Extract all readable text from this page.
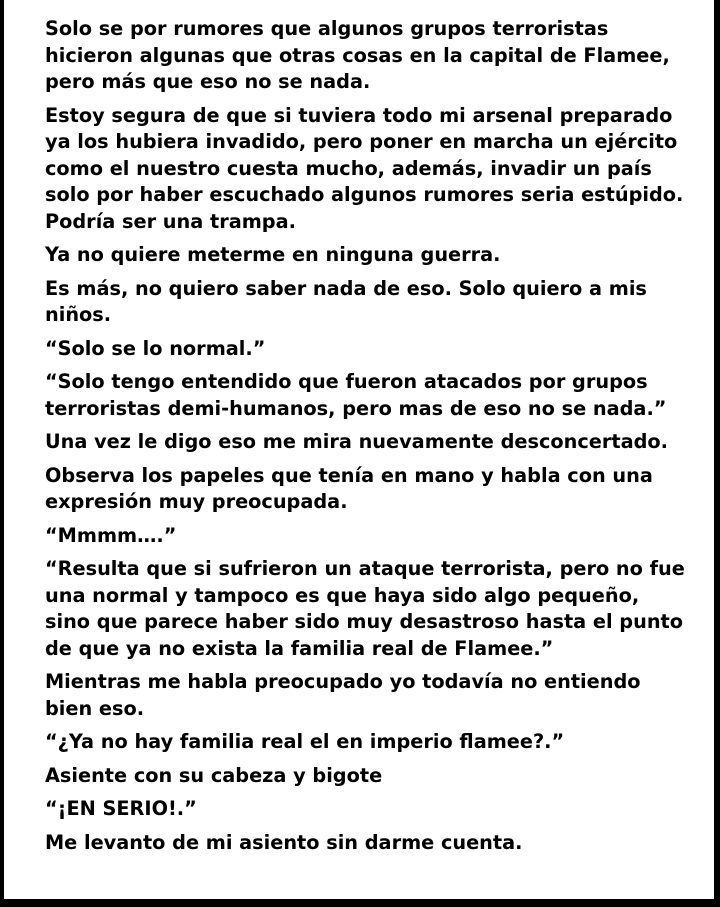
Solo se por rumores que algunos grupos terroristas hicieron algunas que otras cosas en la capital de Flamee, pero más que eso no se nada.

Estoy segura de que si tuviera todo mi arsenal preparado ya los hubiera invadido, pero poner en marcha un ejército como el nuestro cuesta mucho, además, invadir un país solo por haber escuchado algunos rumores seria estúpido. Podría ser una trampa.

Ya no quiere meterme en ninguna guerra.

Es más, no quiero saber nada de eso. Solo quiero a mis niños.

“Solo se lo normal.”

“Solo tengo entendido que fueron atacados por grupos terroristas demi-humanos, pero mas de eso no se nada.”

Una vez le digo eso me mira nuevamente desconcertado.

Observa los papeles que tenía en mano y habla con una expresión muy preocupada.

“Mmmm….”

“Resulta que si sufrieron un ataque terrorista, pero no fue una normal y tampoco es que haya sido algo pequeño, sino que parece haber sido muy desastroso hasta el punto de que ya no exista la familia real de Flamee.”

Mientras me habla preocupado yo todavía no entiendo bien eso.

“¿Ya no hay familia real el en imperio flamee?.”

Asiente con su cabeza y bigote

“¡EN SERIO!.”

Me levanto de mi asiento sin darme cuenta.
